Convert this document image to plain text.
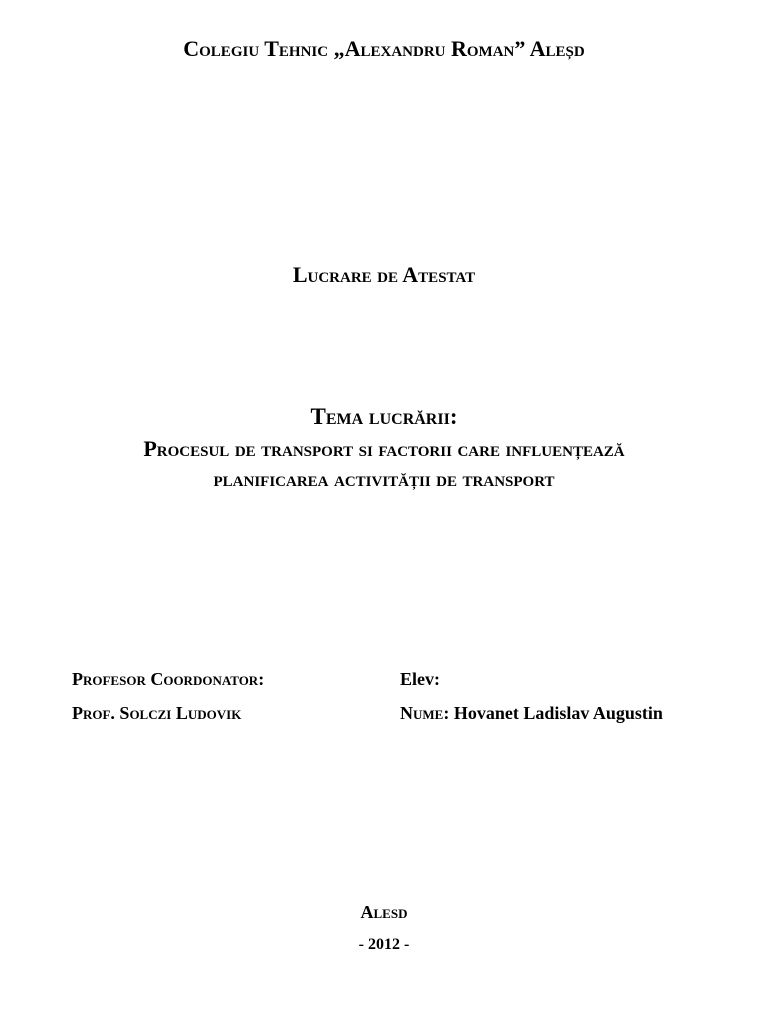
Colegiu Tehnic „Alexandru Roman” Aleșd
Lucrare de Atestat
Tema lucrării:
Procesul de transport si factorii care influențează
planificarea activității de transport
Profesor Coordonator:
Prof. Solczi Ludovik
Elev:
Nume: Hovanet Ladislav Augustin
Alesd
- 2012 -
